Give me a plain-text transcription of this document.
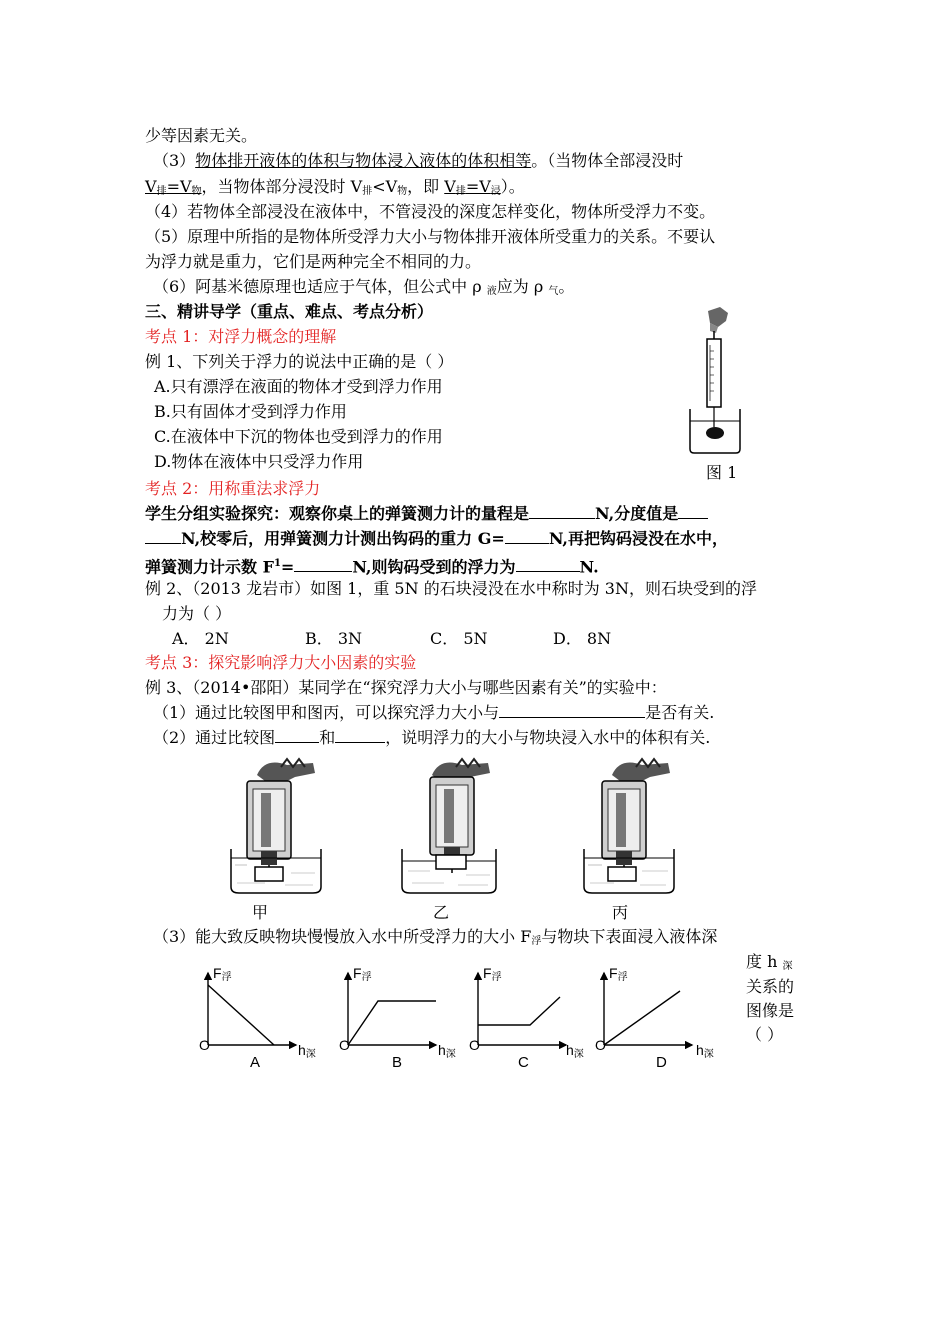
少等因素无关。
（3）物体排开液体的体积与物体浸入液体的体积相等。（当物体全部浸没时
$V_排=V_物$，当物体部分浸没时 $V_排<V_物$，即 $V_排=V_浸$）。
（4）若物体全部浸没在液体中，不管浸没的深度怎样变化，物体所受浮力不变。
（5）原理中所指的是物体所受浮力大小与物体排开液体所受重力的关系。不要认
为浮力就是重力，它们是两种完全不相同的力。
（6）阿基米德原理也适应于气体，但公式中 ρ $_液$应为 ρ $_气$。
三、精讲导学（重点、难点、考点分析）
考点 1：对浮力概念的理解
例 1、下列关于浮力的说法中正确的是（ ）
A.只有漂浮在液面的物体才受到浮力作用
B.只有固体才受到浮力作用
C.在液体中下沉的物体也受到浮力的作用
D.物体在液体中只受浮力作用
图 1
考点 2：用称重法求浮力
学生分组实验探究：观察你桌上的弹簧测力计的量程是	N,分度值是
N,校零后，用弹簧测力计测出钩码的重力 G=	N,再把钩码浸没在水中，
弹簧测力计示数 $F^1=$	N,则钩码受到的浮力为	N.
例 2、（2013 龙岩市）如图 1，重 5N 的石块浸没在水中称时为 3N，则石块受到的浮
力为（ ）
A． 2N	B． 3N	C． 5N	D． 8N
考点 3：探究影响浮力大小因素的实验
例 3、（2014•邵阳）某同学在“探究浮力大小与哪些因素有关”的实验中：
（1）通过比较图甲和图丙，可以探究浮力大小与	是否有关.
（2）通过比较图	和	，说明浮力的大小与物块浸入水中的体积有关.
甲	乙	丙
（3）能大致反映物块慢慢放入水中所受浮力的大小 $F_浮$与物块下表面浸入液体深
度 h $_深$
关系的
图像是
（ ）
$F_浮$	$F_浮$	$F_浮$	$F_浮$
O	O	O	O
$h_深$	$h_深$	$h_深$	$h_深$
A	B	C	D
